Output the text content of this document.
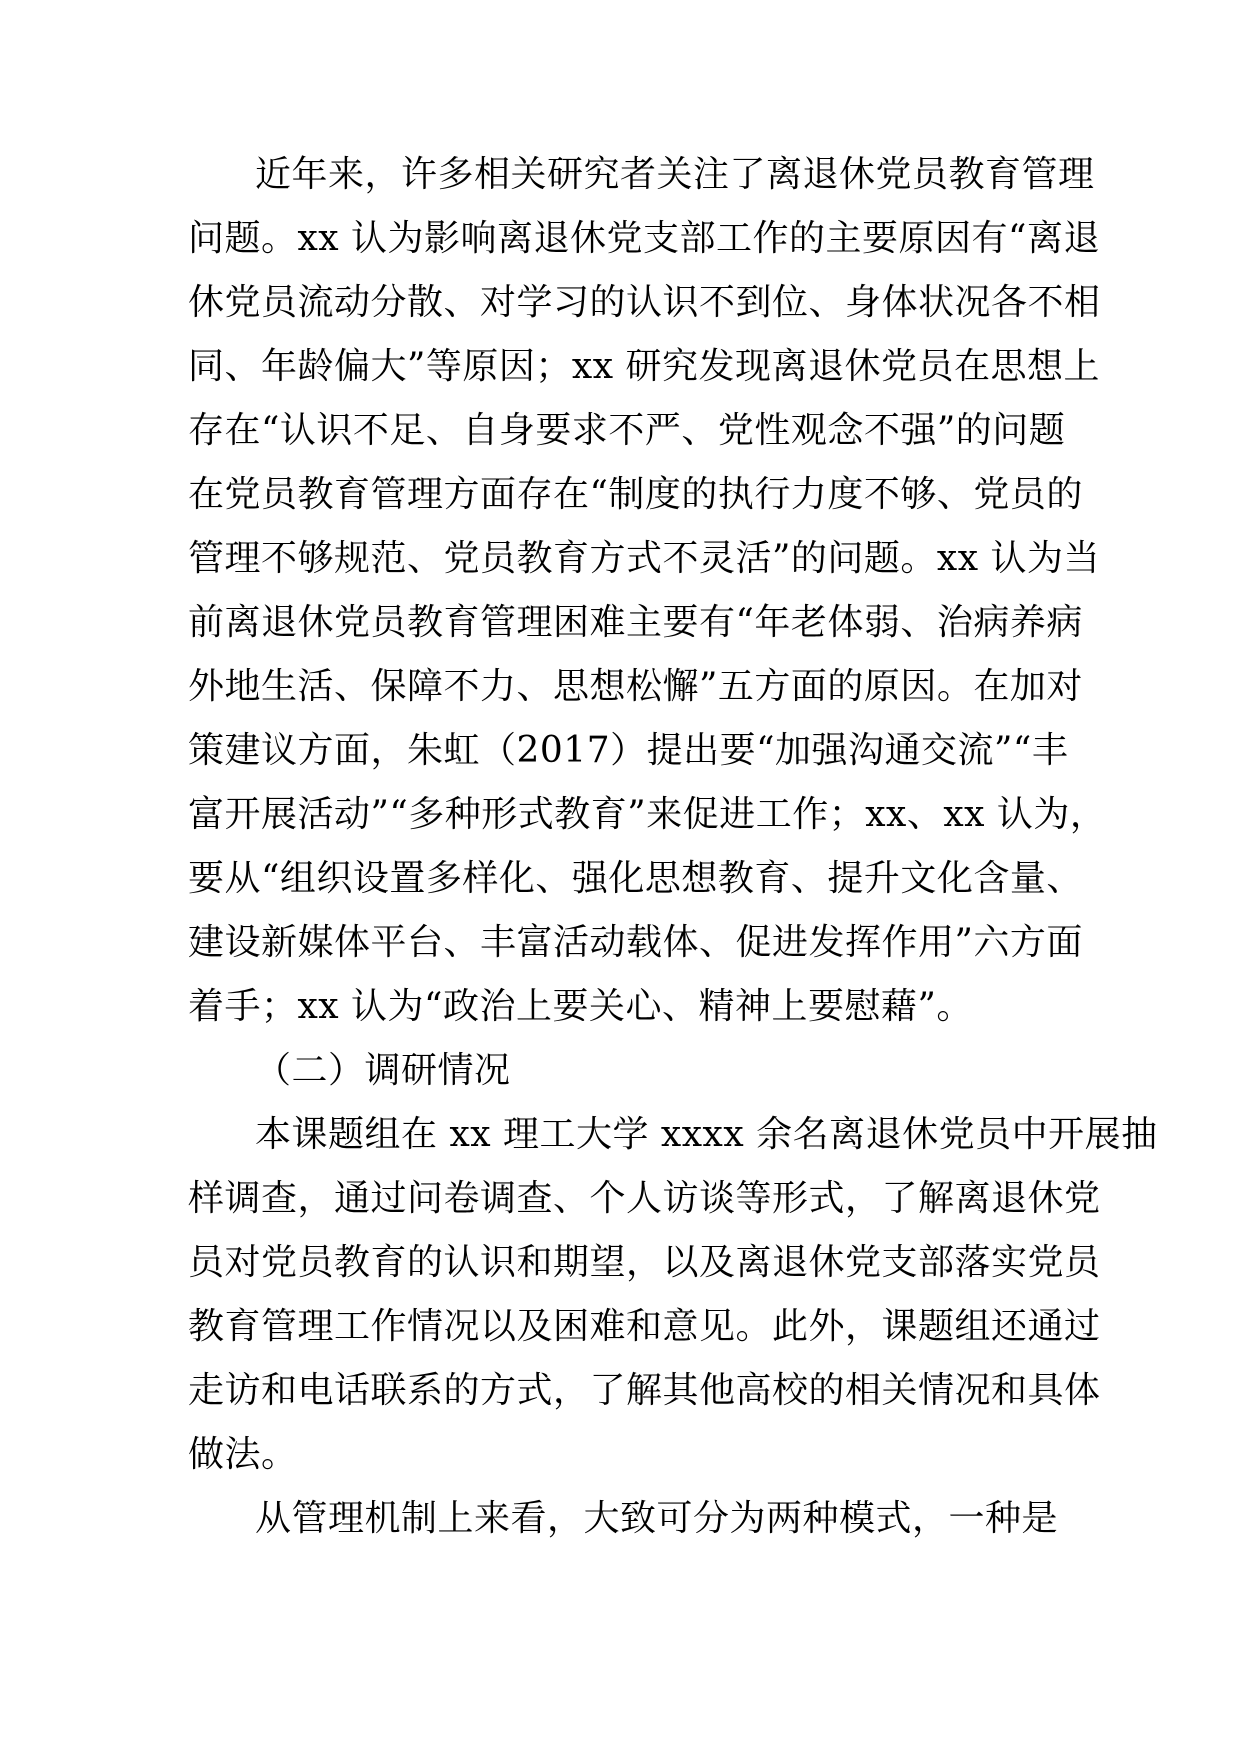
近年来，许多相关研究者关注了离退休党员教育管理
问题。xx 认为影响离退休党支部工作的主要原因有“离退
休党员流动分散、对学习的认识不到位、身体状况各不相
同、年龄偏大”等原因；xx 研究发现离退休党员在思想上
存在“认识不足、自身要求不严、党性观念不强”的问题
在党员教育管理方面存在“制度的执行力度不够、党员的
管理不够规范、党员教育方式不灵活”的问题。xx 认为当
前离退休党员教育管理困难主要有“年老体弱、治病养病
外地生活、保障不力、思想松懈”五方面的原因。在加对
策建议方面，朱虹（2017）提出要“加强沟通交流”“丰
富开展活动”“多种形式教育”来促进工作；xx、xx 认为，
要从“组织设置多样化、强化思想教育、提升文化含量、
建设新媒体平台、丰富活动载体、促进发挥作用”六方面
着手；xx 认为“政治上要关心、精神上要慰藉”。
（二）调研情况
本课题组在 xx 理工大学 xxxx 余名离退休党员中开展抽
样调查，通过问卷调查、个人访谈等形式，了解离退休党
员对党员教育的认识和期望，以及离退休党支部落实党员
教育管理工作情况以及困难和意见。此外，课题组还通过
走访和电话联系的方式，了解其他高校的相关情况和具体
做法。
从管理机制上来看，大致可分为两种模式，一种是
